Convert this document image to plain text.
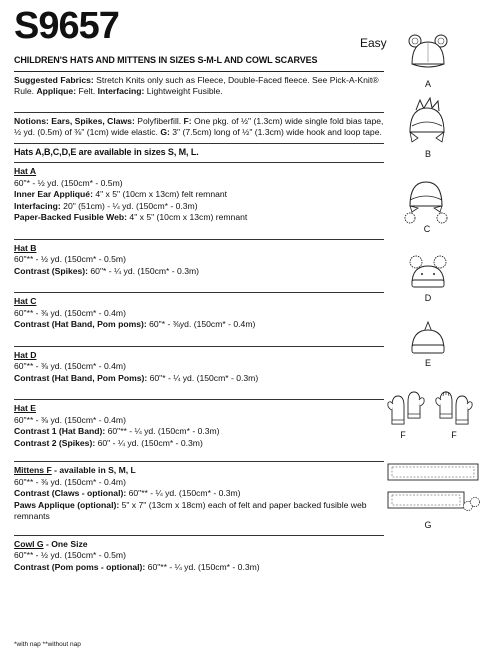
S9657	Easy
CHILDREN'S HATS AND MITTENS IN SIZES S-M-L AND COWL SCARVES
Suggested Fabrics: Stretch Knits only such as Fleece, Double-Faced fleece. See Pick-A-Knit® Rule. Applique: Felt. Interfacing: Lightweight Fusible.
Notions: Ears, Spikes, Claws: Polyfiberfill. F: One pkg. of ½" (1.3cm) wide single fold bias tape, ½ yd. (0.5m) of ⅜" (1cm) wide elastic. G: 3" (7.5cm) long of ½" (1.3cm) wide hook and loop tape.
Hats A,B,C,D,E are available in sizes S, M, L.
Hat A
60"* - ½ yd. (150cm* - 0.5m)
Inner Ear Appliqué: 4" x 5" (10cm x 13cm) felt remnant
Interfacing: 20" (51cm) - ¼ yd. (150cm* - 0.3m)
Paper-Backed Fusible Web: 4" x 5" (10cm x 13cm) remnant
Hat B
60"** - ½ yd. (150cm* - 0.5m)
Contrast (Spikes): 60"* - ¼ yd. (150cm* - 0.3m)
Hat C
60"** - ⅜ yd. (150cm* - 0.4m)
Contrast (Hat Band, Pom poms): 60"* - ⅜yd. (150cm* - 0.4m)
Hat D
60"** - ⅜ yd. (150cm* - 0.4m)
Contrast (Hat Band, Pom Poms): 60"* - ¼ yd. (150cm* - 0.3m)
Hat E
60"** - ⅜ yd. (150cm* - 0.4m)
Contrast 1 (Hat Band): 60"** - ¼ yd. (150cm* - 0.3m)
Contrast 2 (Spikes): 60" - ¼ yd. (150cm* - 0.3m)
Mittens F - available in S, M, L
60"** - ⅜ yd. (150cm* - 0.4m)
Contrast (Claws - optional): 60"** - ¼ yd. (150cm* - 0.3m)
Paws Applique (optional): 5" x 7" (13cm x 18cm) each of felt and paper backed fusible web remnants
Cowl G - One Size
60"** - ½ yd. (150cm* - 0.5m)
Contrast (Pom poms - optional): 60"** - ¼ yd. (150cm* - 0.3m)
*with nap **without nap
A
B
C
D
E
F	F
G
